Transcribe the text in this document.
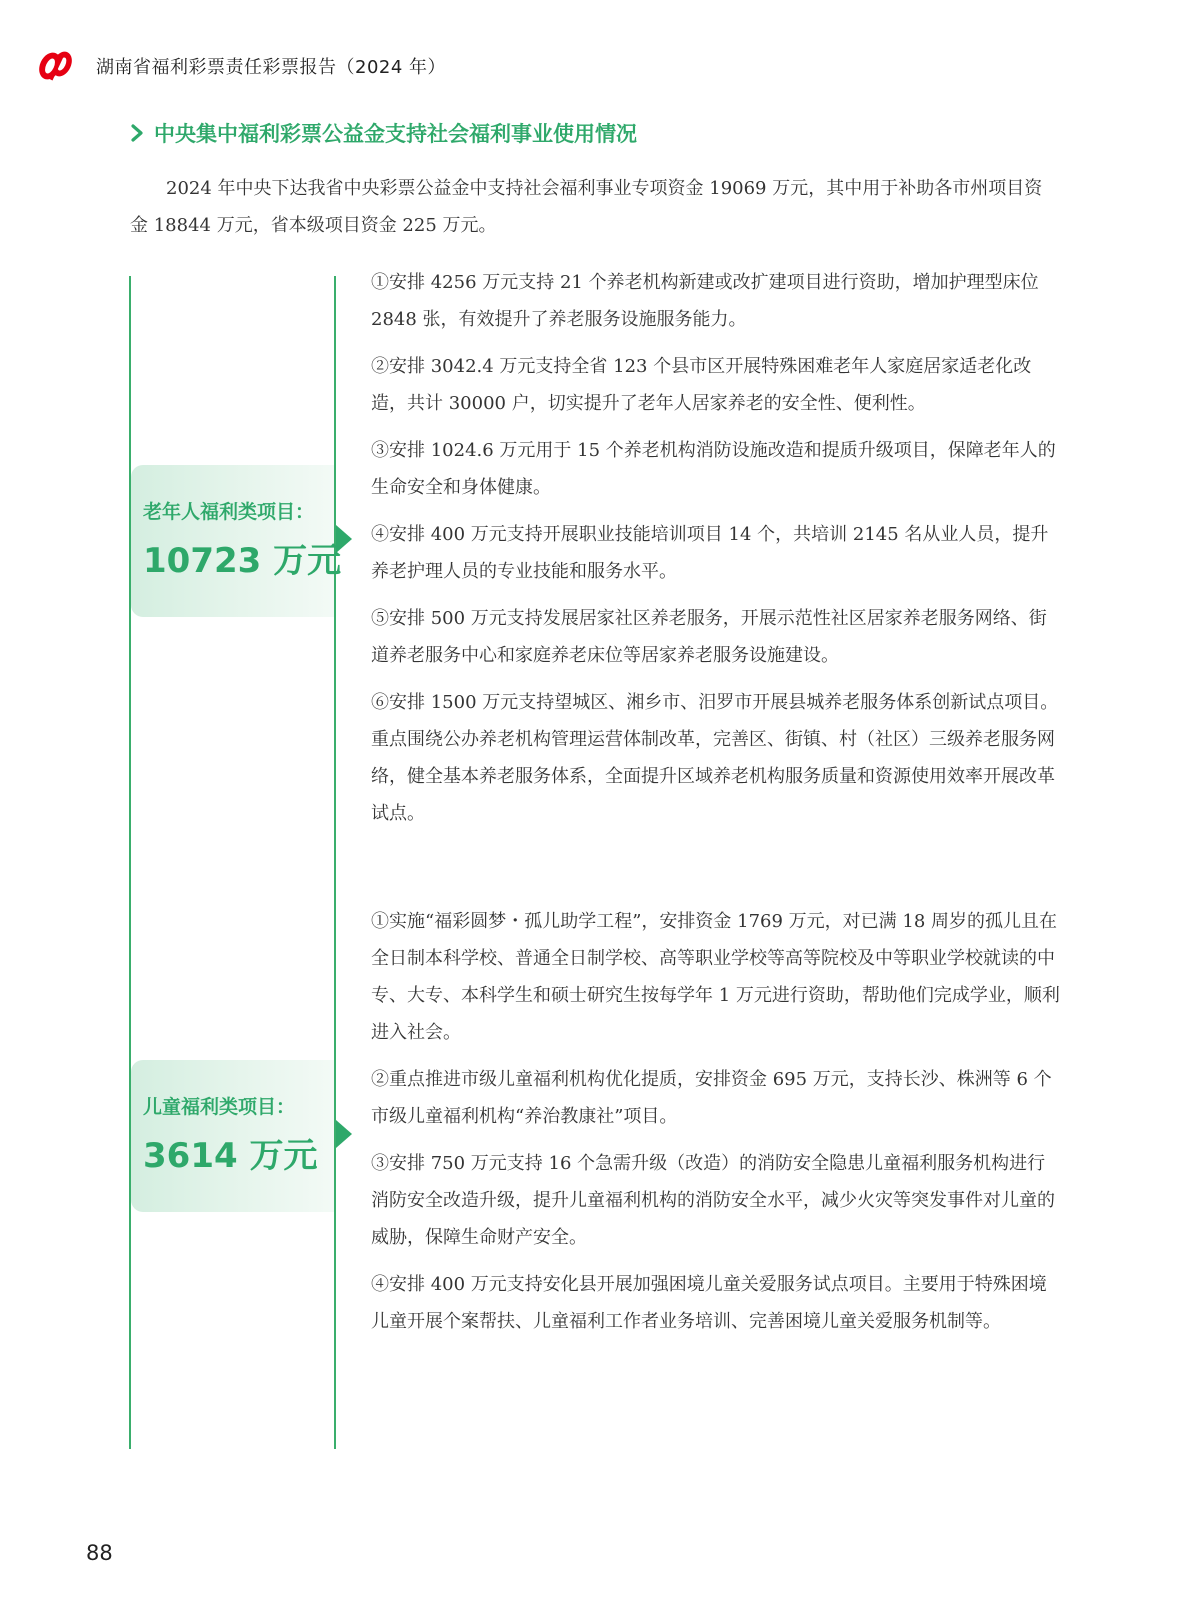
湖南省福利彩票责任彩票报告（2024 年）
中央集中福利彩票公益金支持社会福利事业使用情况

2024 年中央下达我省中央彩票公益金中支持社会福利事业专项资金 19069 万元，其中用于补助各市州项目资金 18844 万元，省本级项目资金 225 万元。

老年人福利类项目：
10723 万元
①安排 4256 万元支持 21 个养老机构新建或改扩建项目进行资助，增加护理型床位 2848 张，有效提升了养老服务设施服务能力。
②安排 3042.4 万元支持全省 123 个县市区开展特殊困难老年人家庭居家适老化改造，共计 30000 户，切实提升了老年人居家养老的安全性、便利性。
③安排 1024.6 万元用于 15 个养老机构消防设施改造和提质升级项目，保障老年人的生命安全和身体健康。
④安排 400 万元支持开展职业技能培训项目 14 个，共培训 2145 名从业人员，提升养老护理人员的专业技能和服务水平。
⑤安排 500 万元支持发展居家社区养老服务，开展示范性社区居家养老服务网络、街道养老服务中心和家庭养老床位等居家养老服务设施建设。
⑥安排 1500 万元支持望城区、湘乡市、汨罗市开展县城养老服务体系创新试点项目。重点围绕公办养老机构管理运营体制改革，完善区、街镇、村（社区）三级养老服务网络，健全基本养老服务体系，全面提升区域养老机构服务质量和资源使用效率开展改革试点。
儿童福利类项目：
3614 万元
①实施“福彩圆梦・孤儿助学工程”，安排资金 1769 万元，对已满 18 周岁的孤儿且在全日制本科学校、普通全日制学校、高等职业学校等高等院校及中等职业学校就读的中专、大专、本科学生和硕士研究生按每学年 1 万元进行资助，帮助他们完成学业，顺利进入社会。
②重点推进市级儿童福利机构优化提质，安排资金 695 万元，支持长沙、株洲等 6 个市级儿童福利机构“养治教康社”项目。
③安排 750 万元支持 16 个急需升级（改造）的消防安全隐患儿童福利服务机构进行消防安全改造升级，提升儿童福利机构的消防安全水平，减少火灾等突发事件对儿童的威胁，保障生命财产安全。
④安排 400 万元支持安化县开展加强困境儿童关爱服务试点项目。主要用于特殊困境儿童开展个案帮扶、儿童福利工作者业务培训、完善困境儿童关爱服务机制等。
88
